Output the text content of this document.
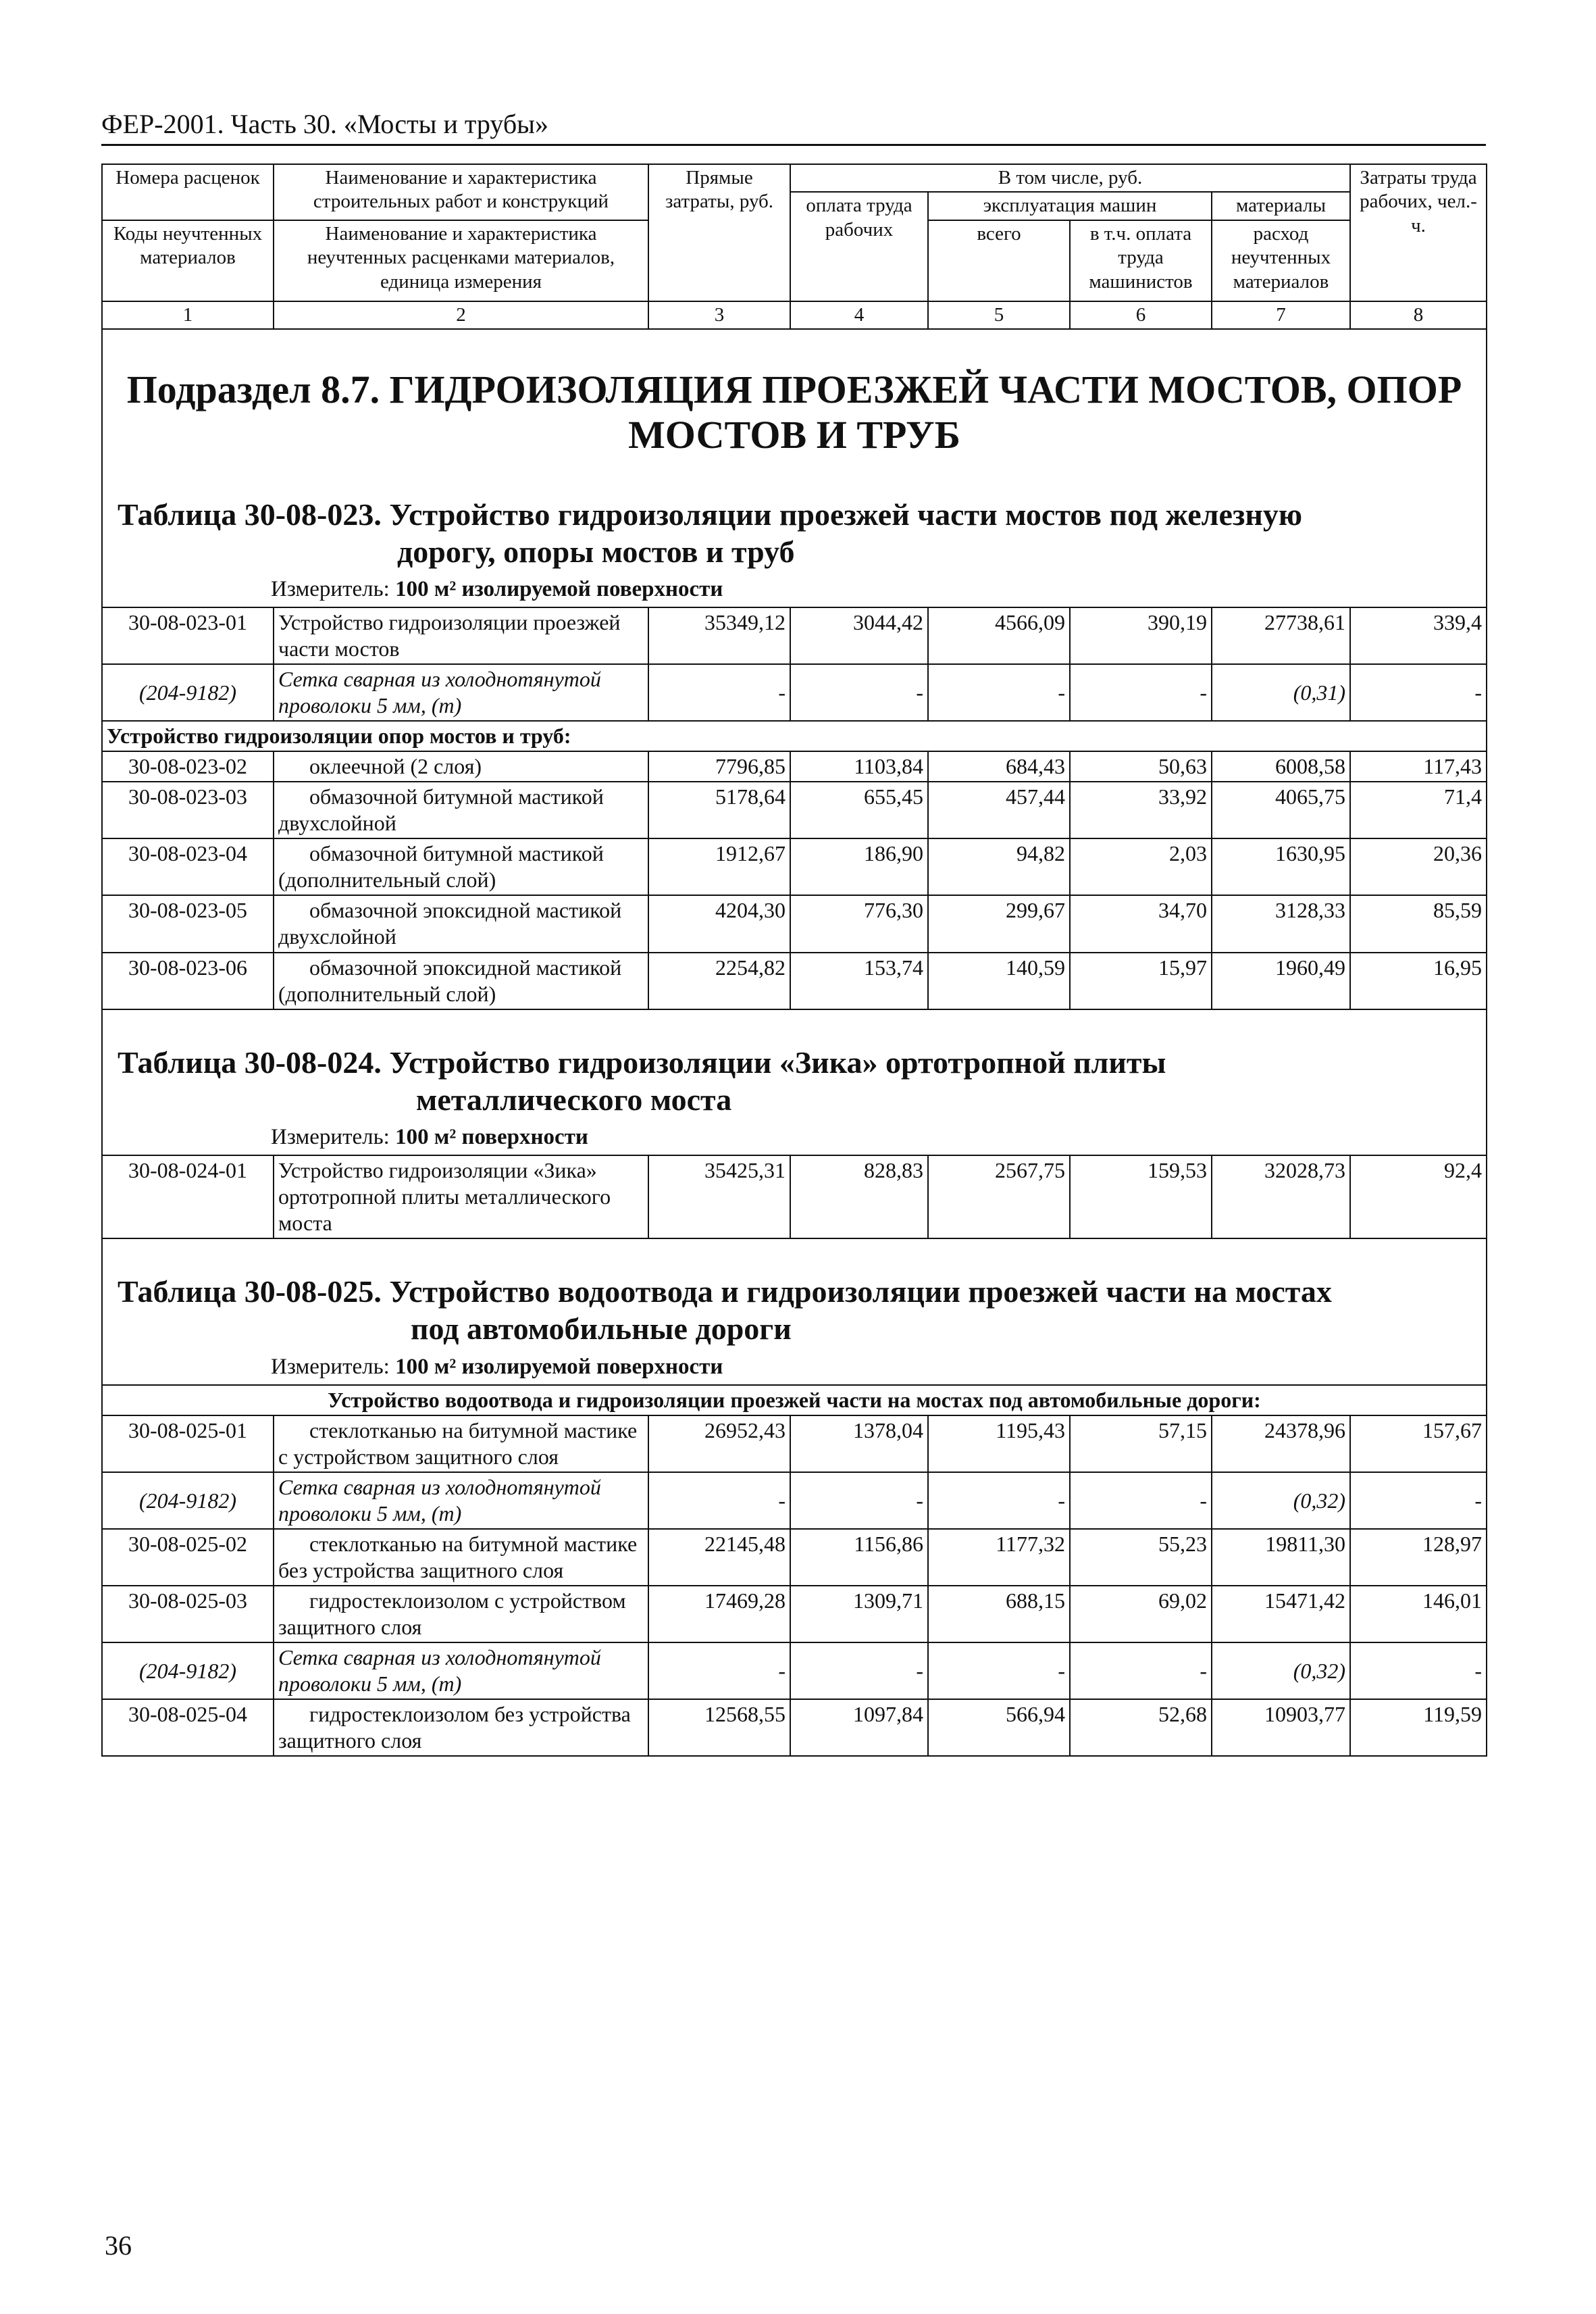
ФЕР-2001. Часть 30. «Мосты и трубы»
Номера расценок	Наименование и характеристика строительных работ и конструкций	Прямые затраты, руб.	В том числе, руб.				Затраты труда рабочих, чел.-ч.
			оплата труда рабочих	эксплуатация машин		материалы	
Коды неучтенных материалов	Наименование и характеристика неучтенных расценками материалов, единица измерения			всего	в т.ч. оплата труда машинистов	расход неучтенных материалов	

1	2	3	4	5	6	7	8

Подраздел 8.7. ГИДРОИЗОЛЯЦИЯ ПРОЕЗЖЕЙ ЧАСТИ МОСТОВ, ОПОР
МОСТОВ И ТРУБ
Таблица 30-08-023. Устройство гидроизоляции проезжей части мостов под железную
дорогу, опоры мостов и труб
Измеритель: 100 м² изолируемой поверхности							

30-08-023-01	Устройство гидроизоляции проезжей части мостов	35349,12	3044,42	4566,09	390,19	27738,61	339,4
(204-9182)	Сетка сварная из холоднотянутой проволоки 5 мм, (т)	-	-	-	-	(0,31)	-
Устройство гидроизоляции опор мостов и труб:							
30-08-023-02	оклеечной (2 слоя)	7796,85	1103,84	684,43	50,63	6008,58	117,43
30-08-023-03	обмазочной битумной мастикой двухслойной	5178,64	655,45	457,44	33,92	4065,75	71,4
30-08-023-04	обмазочной битумной мастикой (дополнительный слой)	1912,67	186,90	94,82	2,03	1630,95	20,36
30-08-023-05	обмазочной эпоксидной мастикой двухслойной	4204,30	776,30	299,67	34,70	3128,33	85,59
30-08-023-06	обмазочной эпоксидной мастикой (дополнительный слой)	2254,82	153,74	140,59	15,97	1960,49	16,95

Таблица 30-08-024. Устройство гидроизоляции «Зика» ортотропной плиты
металлического моста
Измеритель: 100 м² поверхности							

30-08-024-01	Устройство гидроизоляции «Зика» ортотропной плиты металлического моста	35425,31	828,83	2567,75	159,53	32028,73	92,4

Таблица 30-08-025. Устройство водоотвода и гидроизоляции проезжей части на мостах
под автомобильные дороги
Измеритель: 100 м² изолируемой поверхности							

Устройство водоотвода и гидроизоляции проезжей части на мостах под автомобильные дороги:							
30-08-025-01	стеклотканью на битумной мастике с устройством защитного слоя	26952,43	1378,04	1195,43	57,15	24378,96	157,67
(204-9182)	Сетка сварная из холоднотянутой проволоки 5 мм, (т)	-	-	-	-	(0,32)	-
30-08-025-02	стеклотканью на битумной мастике без устройства защитного слоя	22145,48	1156,86	1177,32	55,23	19811,30	128,97
30-08-025-03	гидростеклоизолом с устройством защитного слоя	17469,28	1309,71	688,15	69,02	15471,42	146,01
(204-9182)	Сетка сварная из холоднотянутой проволоки 5 мм, (т)	-	-	-	-	(0,32)	-
30-08-025-04	гидростеклоизолом без устройства защитного слоя	12568,55	1097,84	566,94	52,68	10903,77	119,59
36
